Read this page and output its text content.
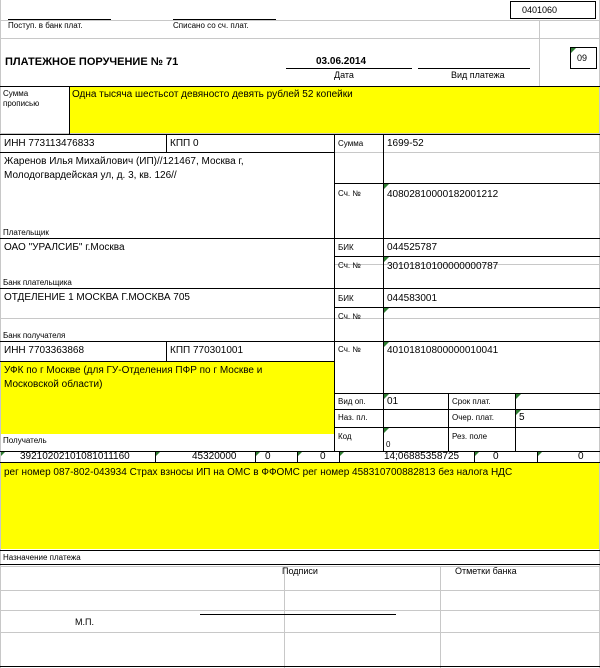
0401060
Поступ. в банк плат.	Списано со сч. плат.
ПЛАТЕЖНОЕ ПОРУЧЕНИЕ № 71	03.06.2014
Дата	Вид платежа
09
Сумма
прописью
Одна тысяча шестьсот девяносто девять рублей 52 копейки
ИНН 773113476833	КПП 0
Жаренов Илья Михайлович (ИП)//121467, Москва г,
Молодогвардейская ул, д. 3, кв. 126//
Плательщик
Сумма 1699-52
Сч. №	40802810000182001212
ОАО "УРАЛСИБ" г.Москва
Банк плательщика
БИК	044525787
Сч. №	30101810100000000787
ОТДЕЛЕНИЕ 1 МОСКВА Г.МОСКВА 705
Банк получателя
БИК	044583001
Сч. №
ИНН 7703363868	КПП 770301001
УФК по г Москве (для ГУ-Отделения ПФР по г Москве и
Московской области)
Получатель
Сч. №	40101810800000010041
Вид оп. 01	Срок плат.
Наз. пл.	Очер. плат. 5
Код
0
Рез. поле
39210202101081011160	45320000	0	0	14;06885358725	0	0
рег номер 087-802-043934 Страх взносы ИП на ОМС в ФФОМС рег номер 458310700882813 без налога НДС
Назначение платежа
Подписи	Отметки банка
М.П.
